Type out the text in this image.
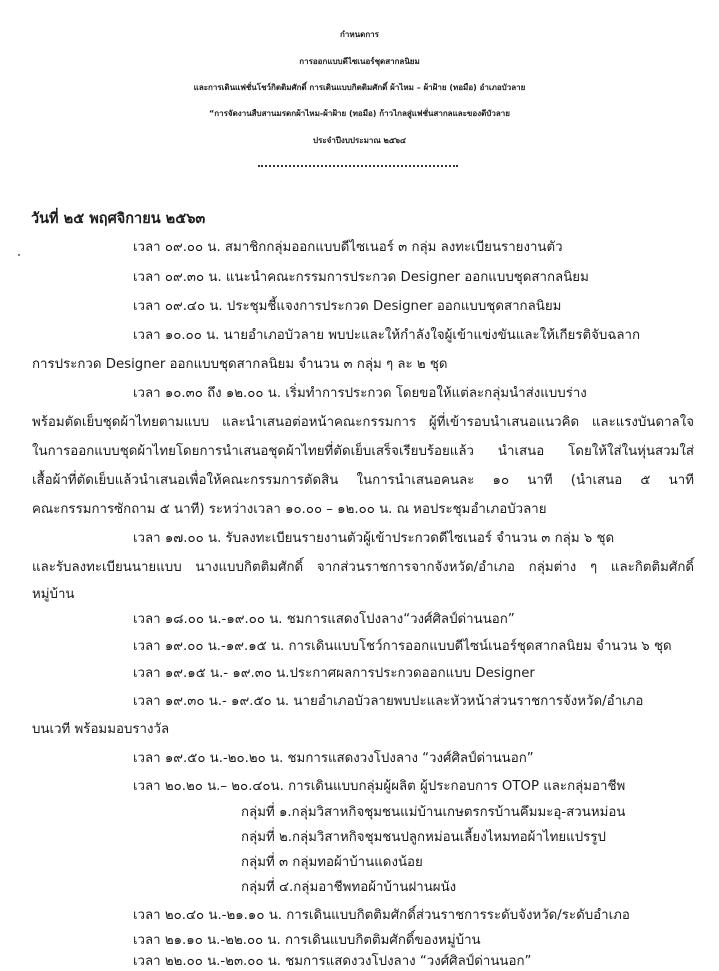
กำหนดการ
การออกแบบดีไซเนอร์ชุดสากลนิยม
และการเดินแฟชั่นโชว์กิตติมศักดิ์ การเดินแบบกิตติมศักดิ์ ผ้าไหม – ผ้าฝ้าย (ทอมือ) อำเภอบัวลาย
“การจัดงานสืบสานมรดกผ้าไหม-ผ้าฝ้าย (ทอมือ) ก้าวไกลสู่แฟชั่นสากลและของดีบัวลาย
ประจำปีงบประมาณ ๒๕๖๔
วันที่ ๒๕ พฤศจิกายน ๒๕๖๓
เวลา ๐๙.๐๐ น. สมาชิกกลุ่มออกแบบดีไซเนอร์ ๓ กลุ่ม ลงทะเบียนรายงานตัว
เวลา ๐๙.๓๐ น. แนะนำคณะกรรมการประกวด Designer ออกแบบชุดสากลนิยม
เวลา ๐๙.๔๐ น. ประชุมชี้แจงการประกวด Designer ออกแบบชุดสากลนิยม
เวลา ๑๐.๐๐ น. นายอำเภอบัวลาย พบปะและให้กำลังใจผู้เข้าแข่งขันและให้เกียรติจับฉลาก
การประกวด Designer ออกแบบชุดสากลนิยม จำนวน ๓ กลุ่ม ๆ ละ ๒ ชุด
เวลา ๑๐.๓๐ ถึง ๑๒.๐๐ น. เริ่มทำการประกวด โดยขอให้แต่ละกลุ่มนำส่งแบบร่าง
พร้อมตัดเย็บชุดผ้าไทยตามแบบ และนำเสนอต่อหน้าคณะกรรมการ ผู้ที่เข้ารอบนำเสนอแนวคิด และแรงบันดาลใจ
ในการออกแบบชุดผ้าไทยโดยการนำเสนอชุดผ้าไทยที่ตัดเย็บเสร็จเรียบร้อยแล้ว นำเสนอ โดยให้ใส่ในหุ่นสวมใส่
เสื้อผ้าที่ตัดเย็บแล้วนำเสนอเพื่อให้คณะกรรมการตัดสิน ในการนำเสนอคนละ ๑๐ นาที (นำเสนอ ๕ นาที
คณะกรรมการซักถาม ๕ นาที) ระหว่างเวลา ๑๐.๐๐ – ๑๒.๐๐ น. ณ หอประชุมอำเภอบัวลาย
เวลา ๑๗.๐๐ น. รับลงทะเบียนรายงานตัวผู้เข้าประกวดดีไซเนอร์ จำนวน ๓ กลุ่ม ๖ ชุด
และรับลงทะเบียนนายแบบ นางแบบกิตติมศักดิ์ จากส่วนราชการจากจังหวัด/อำเภอ กลุ่มต่าง ๆ และกิตติมศักดิ์
หมู่บ้าน
เวลา ๑๘.๐๐ น.-๑๙.๐๐ น. ชมการแสดงโปงลาง“วงศ์ศิลป์ด่านนอก”
เวลา ๑๙.๐๐ น.-๑๙.๑๕ น. การเดินแบบโชว์การออกแบบดีไซน์เนอร์ชุดสากลนิยม จำนวน ๖ ชุด
เวลา ๑๙.๑๕ น.- ๑๙.๓๐ น.ประกาศผลการประกวดออกแบบ Designer
เวลา ๑๙.๓๐ น.- ๑๙.๕๐ น. นายอำเภอบัวลายพบปะและหัวหน้าส่วนราชการจังหวัด/อำเภอ
บนเวที พร้อมมอบรางวัล
เวลา ๑๙.๕๐ น.-๒๐.๒๐ น. ชมการแสดงวงโปงลาง “วงศ์ศิลป์ด่านนอก”
เวลา ๒๐.๒๐ น.– ๒๐.๔๐น. การเดินแบบกลุ่มผู้ผลิต ผู้ประกอบการ OTOP และกลุ่มอาชีพ
กลุ่มที่ ๑.กลุ่มวิสาหกิจชุมชนแม่บ้านเกษตรกรบ้านคึมมะอุ-สวนหม่อน
กลุ่มที่ ๒.กลุ่มวิสาหกิจชุมชนปลูกหม่อนเลี้ยงไหมทอผ้าไทยแปรรูป
กลุ่มที่ ๓ กลุ่มทอผ้าบ้านแดงน้อย
กลุ่มที่ ๔.กลุ่มอาชีพทอผ้าบ้านฝานผนัง
เวลา ๒๐.๔๐ น.-๒๑.๑๐ น. การเดินแบบกิตติมศักดิ์ส่วนราชการระดับจังหวัด/ระดับอำเภอ
เวลา ๒๑.๑๐ น.-๒๒.๐๐ น. การเดินแบบกิตติมศักดิ์ของหมู่บ้าน
เวลา ๒๒.๐๐ น.-๒๓.๐๐ น. ชมการแสดงวงโปงลาง “วงศ์ศิลป์ด่านนอก”
